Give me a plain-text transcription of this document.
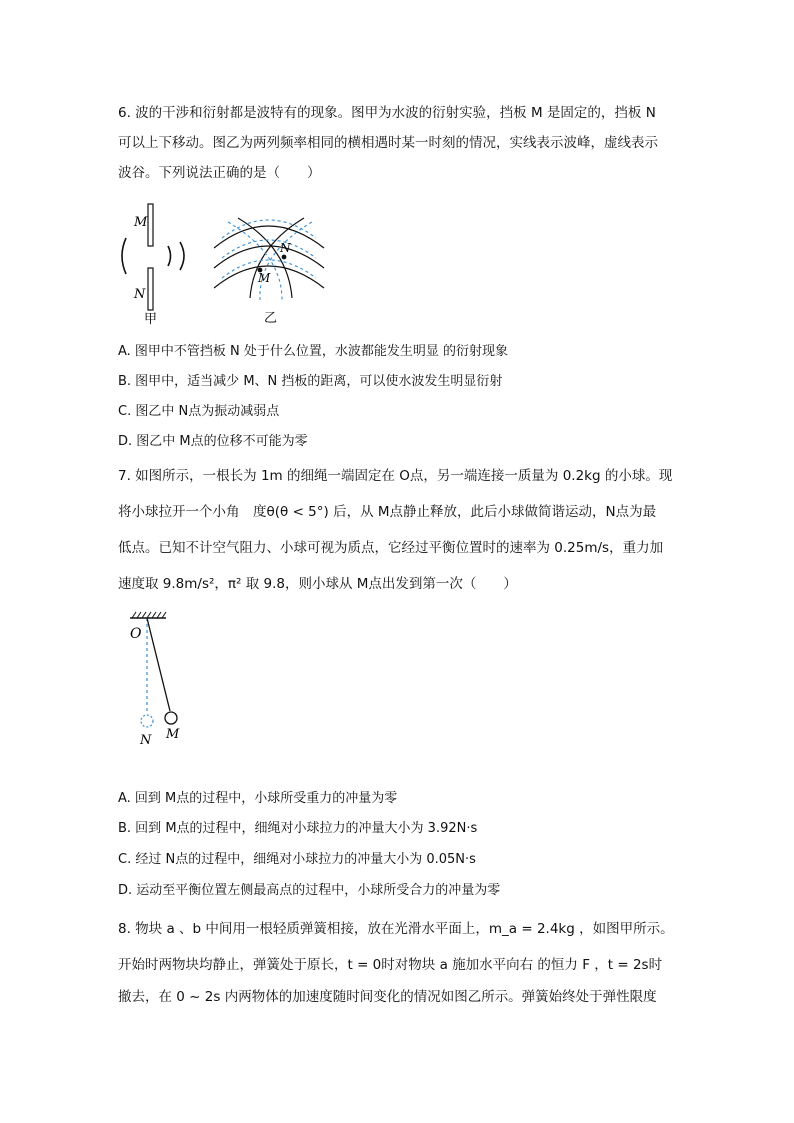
6. 波的干涉和衍射都是波特有的现象。图甲为水波的衍射实验，挡板 M 是固定的，挡板 N
可以上下移动。图乙为两列频率相同的横相遇时某一时刻的情况，实线表示波峰，虚线表示
波谷。下列说法正确的是（　　）
M
N
甲
N
M
乙
A. 图甲中不管挡板 N 处于什么位置，水波都能发生明显 的衍射现象
B. 图甲中，适当减少 M、N 挡板的距离，可以使水波发生明显衍射
C. 图乙中 N点为振动减弱点
D. 图乙中 M点的位移不可能为零
7. 如图所示，一根长为 1m 的细绳一端固定在 O点，另一端连接一质量为 0.2kg 的小球。现
将小球拉开一个小角　度θ(θ < 5°) 后，从 M点静止释放，此后小球做简谐运动，N点为最
低点。已知不计空气阻力、小球可视为质点，它经过平衡位置时的速率为 0.25m/s，重力加
速度取 9.8m/s²，π² 取 9.8，则小球从 M点出发到第一次（　　）
O
N M
A. 回到 M点的过程中，小球所受重力的冲量为零
B. 回到 M点的过程中，细绳对小球拉力的冲量大小为 3.92N·s
C. 经过 N点的过程中，细绳对小球拉力的冲量大小为 0.05N·s
D. 运动至平衡位置左侧最高点的过程中，小球所受合力的冲量为零
8. 物块 a 、b 中间用一根轻质弹簧相接，放在光滑水平面上，m_a = 2.4kg ，如图甲所示。
开始时两物块均静止，弹簧处于原长，t = 0时对物块 a 施加水平向右 的恒力 F ，t = 2s时
撤去，在 0 ~ 2s 内两物体的加速度随时间变化的情况如图乙所示。弹簧始终处于弹性限度
